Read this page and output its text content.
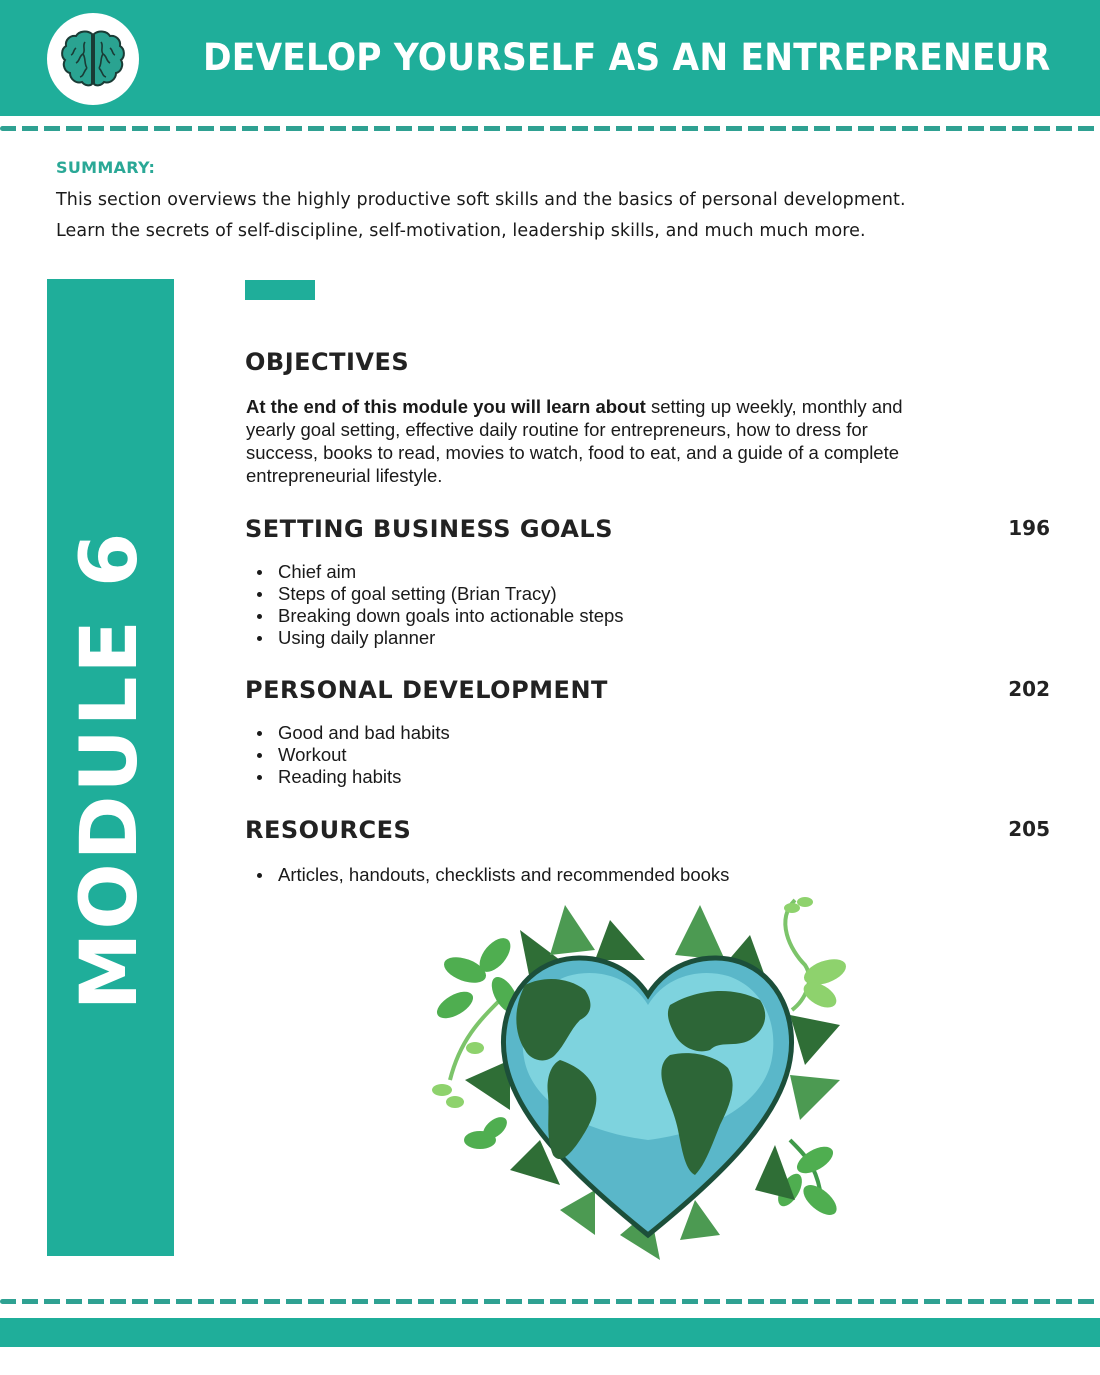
DEVELOP YOURSELF AS AN ENTREPRENEUR
SUMMARY:
This section overviews the highly productive soft skills and the basics of personal development.
Learn the secrets of self-discipline, self-motivation, leadership skills, and much much more.
MODULE 6
OBJECTIVES
At the end of this module you will learn about setting up weekly, monthly and yearly goal setting, effective daily routine for entrepreneurs, how to dress for success, books to read, movies to watch, food to eat, and a guide of a complete entrepreneurial lifestyle.
SETTING BUSINESS GOALS	196
Chief aim
Steps of goal setting (Brian Tracy)
Breaking down goals into actionable steps
Using daily planner
PERSONAL DEVELOPMENT	202
Good and bad habits
Workout
Reading habits
RESOURCES	205
Articles, handouts, checklists and recommended books
